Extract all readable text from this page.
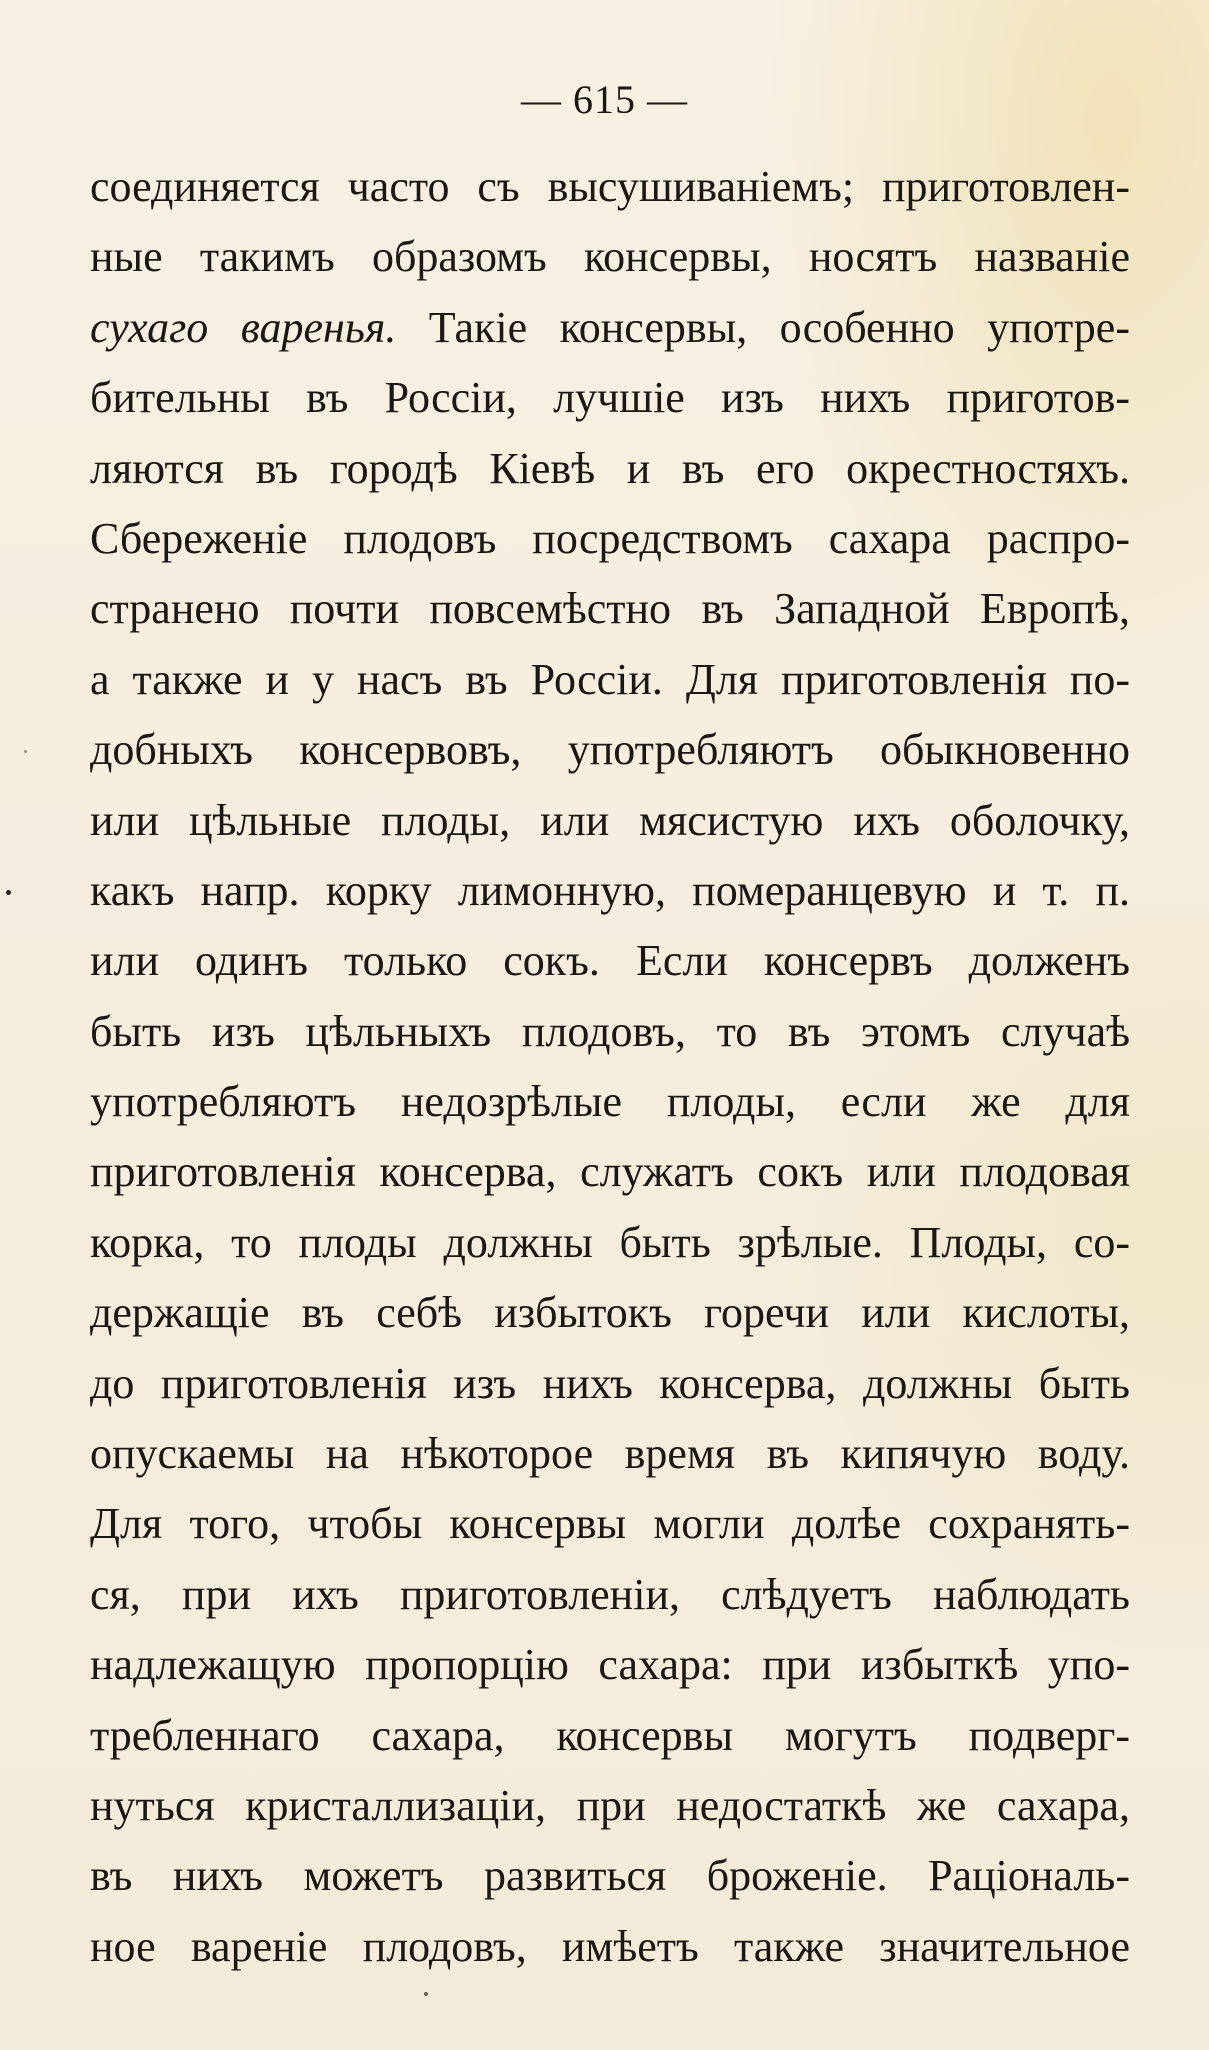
— 615 —
соединяется часто съ высушиваніемъ; приготовлен-
ные такимъ образомъ консервы, носятъ названіе
сухаго варенья. Такіе консервы, особенно употре-
бительны въ Россіи, лучшіе изъ нихъ приготов-
ляются въ городѣ Кіевѣ и въ его окрестностяхъ.
Сбереженіе плодовъ посредствомъ сахара распро-
странено почти повсемѣстно въ Западной Европѣ,
а также и у насъ въ Россіи. Для приготовленія по-
добныхъ консервовъ, употребляютъ обыкновенно
или цѣльные плоды, или мясистую ихъ оболочку,
какъ напр. корку лимонную, померанцевую и т. п.
или одинъ только сокъ. Если консервъ долженъ
быть изъ цѣльныхъ плодовъ, то въ этомъ случаѣ
употребляютъ недозрѣлые плоды, если же для
приготовленія консерва, служатъ сокъ или плодовая
корка, то плоды должны быть зрѣлые. Плоды, со-
держащіе въ себѣ избытокъ горечи или кислоты,
до приготовленія изъ нихъ консерва, должны быть
опускаемы на нѣкоторое время въ кипячую воду.
Для того, чтобы консервы могли долѣе сохранять-
ся, при ихъ приготовленіи, слѣдуетъ наблюдать
надлежащую пропорцію сахара: при избыткѣ упо-
требленнаго сахара, консервы могутъ подверг-
нуться кристаллизаціи, при недостаткѣ же сахара,
въ нихъ можетъ развиться броженіе. Раціональ-
ное вареніе плодовъ, имѣетъ также значительное
